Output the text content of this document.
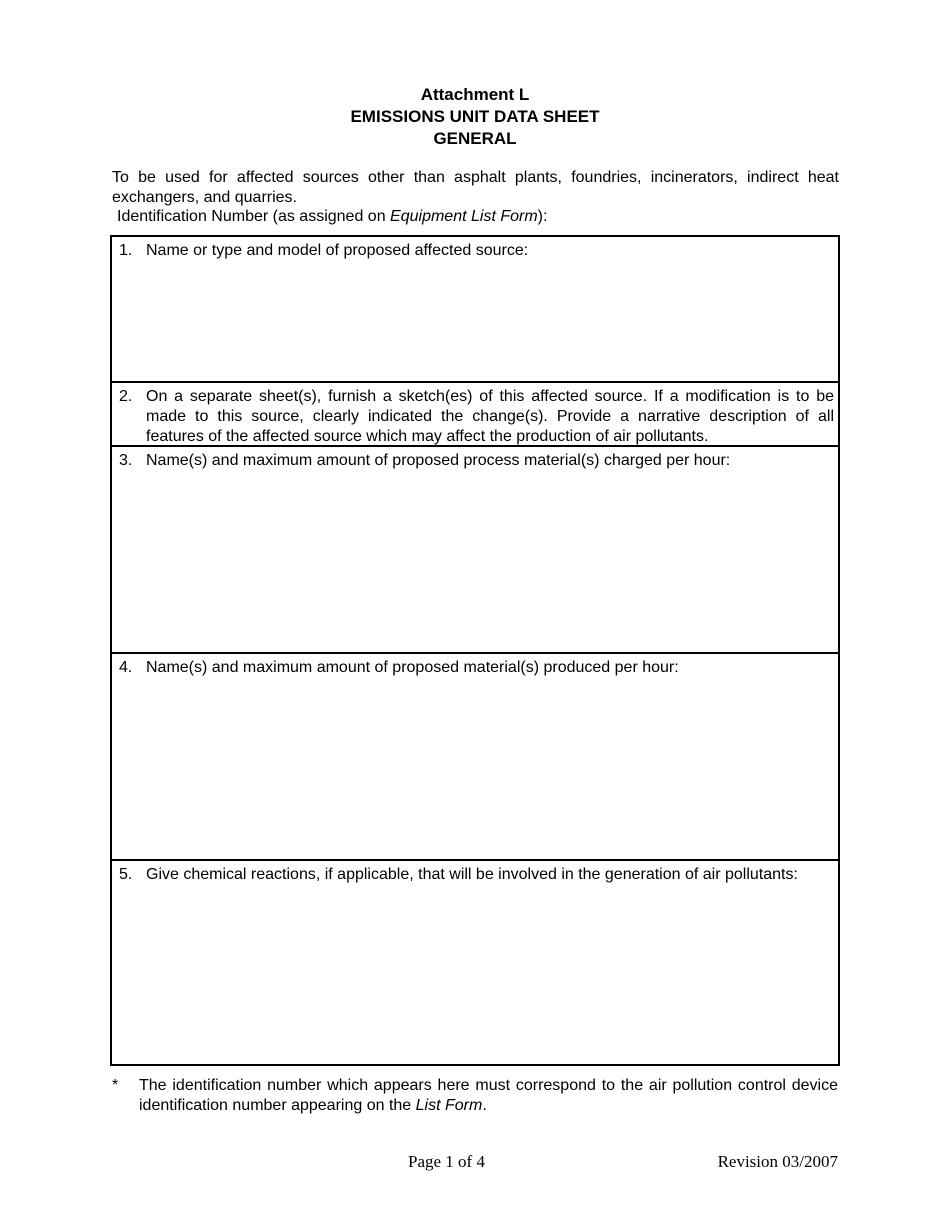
Attachment L
EMISSIONS UNIT DATA SHEET
GENERAL
To be used for affected sources other than asphalt plants, foundries, incinerators, indirect heat exchangers, and quarries.
Identification Number (as assigned on Equipment List Form):
1. Name or type and model of proposed affected source:
2. On a separate sheet(s), furnish a sketch(es) of this affected source. If a modification is to be made to this source, clearly indicated the change(s). Provide a narrative description of all features of the affected source which may affect the production of air pollutants.
3. Name(s) and maximum amount of proposed process material(s) charged per hour:
4. Name(s) and maximum amount of proposed material(s) produced per hour:
5. Give chemical reactions, if applicable, that will be involved in the generation of air pollutants:
* The identification number which appears here must correspond to the air pollution control device identification number appearing on the List Form.
Page 1 of 4	Revision 03/2007
